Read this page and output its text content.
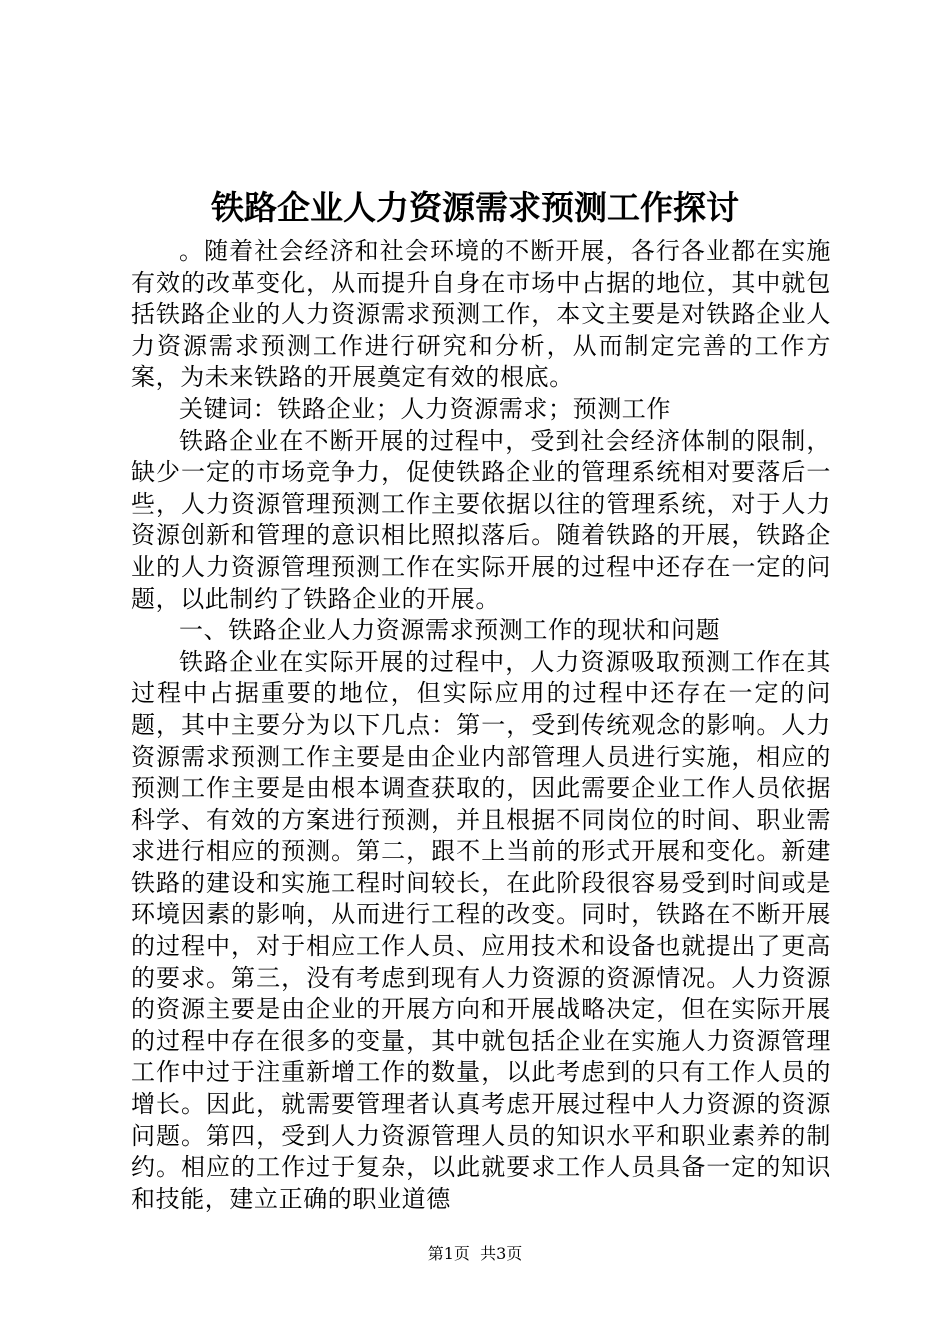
铁路企业人力资源需求预测工作探讨

。随着社会经济和社会环境的不断开展，各行各业都在实施有效的改革变化，从而提升自身在市场中占据的地位，其中就包括铁路企业的人力资源需求预测工作，本文主要是对铁路企业人力资源需求预测工作进行研究和分析，从而制定完善的工作方案，为未来铁路的开展奠定有效的根底。

关键词：铁路企业；人力资源需求；预测工作

铁路企业在不断开展的过程中，受到社会经济体制的限制，缺少一定的市场竞争力，促使铁路企业的管理系统相对要落后一些，人力资源管理预测工作主要依据以往的管理系统，对于人力资源创新和管理的意识相比照拟落后。随着铁路的开展，铁路企业的人力资源管理预测工作在实际开展的过程中还存在一定的问题，以此制约了铁路企业的开展。

一、铁路企业人力资源需求预测工作的现状和问题

铁路企业在实际开展的过程中，人力资源吸取预测工作在其过程中占据重要的地位，但实际应用的过程中还存在一定的问题，其中主要分为以下几点：第一，受到传统观念的影响。人力资源需求预测工作主要是由企业内部管理人员进行实施，相应的预测工作主要是由根本调查获取的，因此需要企业工作人员依据科学、有效的方案进行预测，并且根据不同岗位的时间、职业需求进行相应的预测。第二，跟不上当前的形式开展和变化。新建铁路的建设和实施工程时间较长，在此阶段很容易受到时间或是环境因素的影响，从而进行工程的改变。同时，铁路在不断开展的过程中，对于相应工作人员、应用技术和设备也就提出了更高的要求。第三，没有考虑到现有人力资源的资源情况。人力资源的资源主要是由企业的开展方向和开展战略决定，但在实际开展的过程中存在很多的变量，其中就包括企业在实施人力资源管理工作中过于注重新增工作的数量，以此考虑到的只有工作人员的增长。因此，就需要管理者认真考虑开展过程中人力资源的资源问题。第四，受到人力资源管理人员的知识水平和职业素养的制约。相应的工作过于复杂，以此就要求工作人员具备一定的知识和技能，建立正确的职业道德

第1页 共3页
